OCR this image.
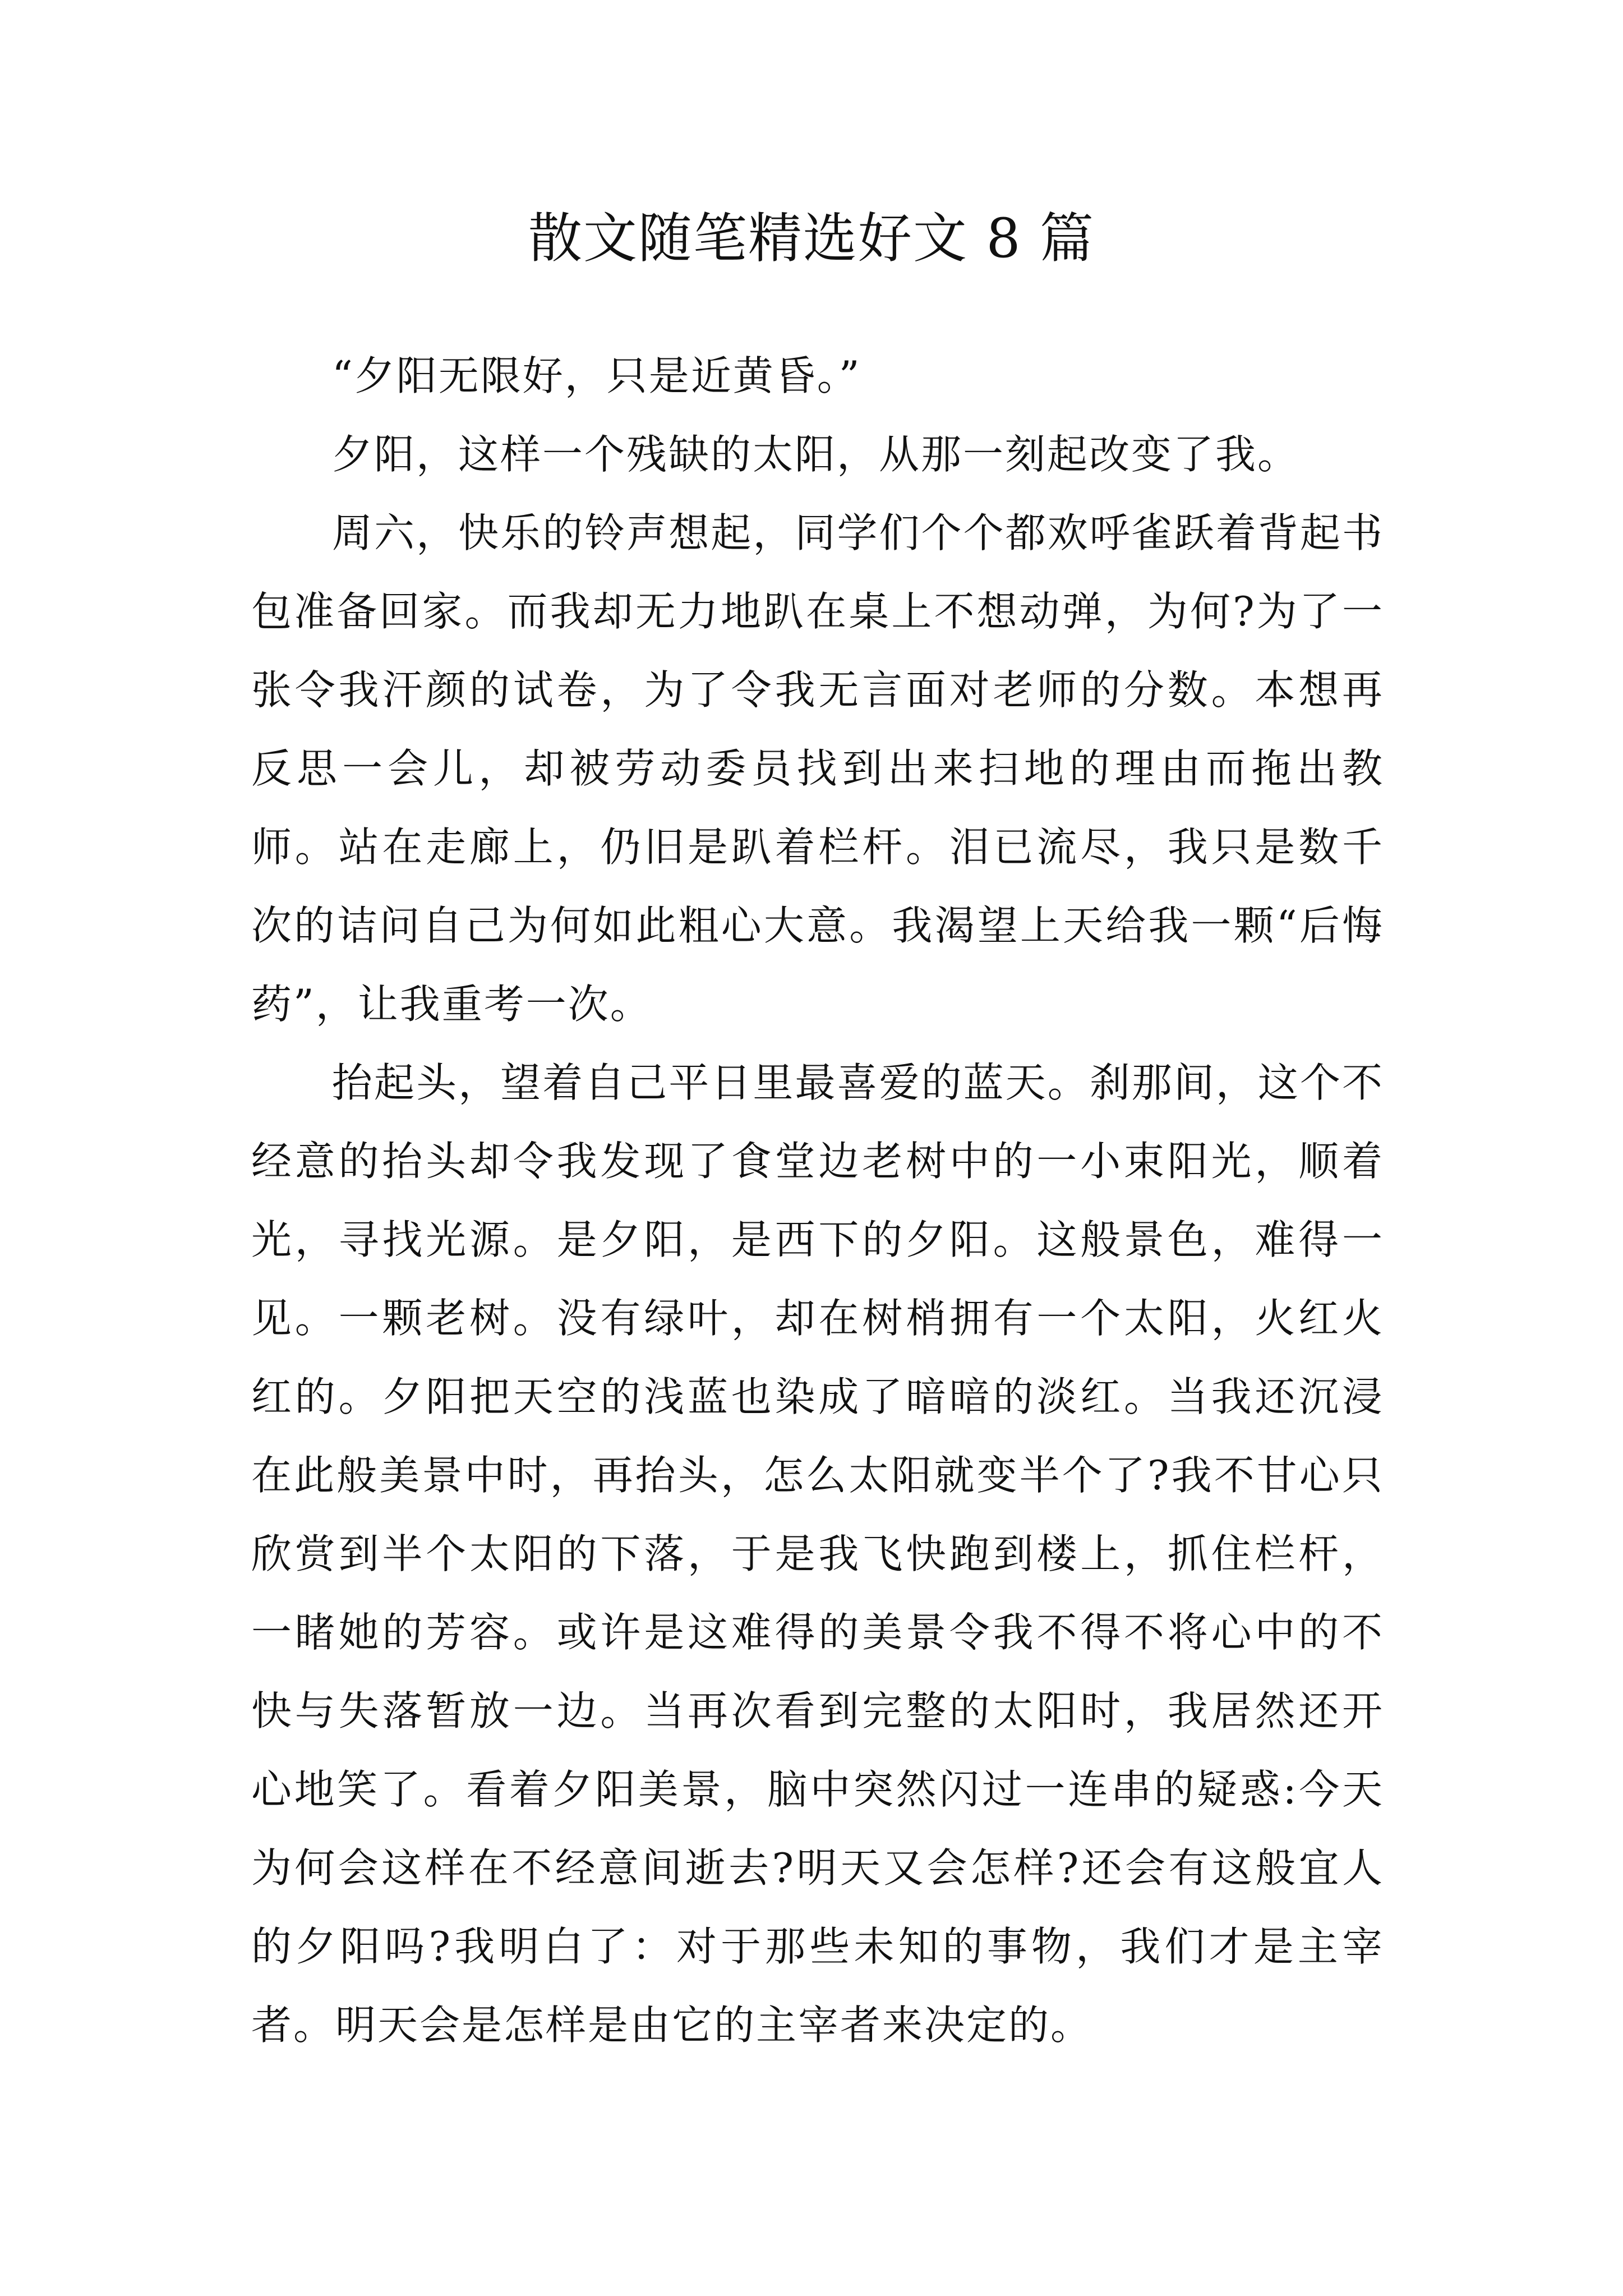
散文随笔精选好文 8 篇

“夕阳无限好，只是近黄昏。”

夕阳，这样一个残缺的太阳，从那一刻起改变了我。

周六，快乐的铃声想起，同学们个个都欢呼雀跃着背起书包准备回家。而我却无力地趴在桌上不想动弹，为何?为了一张令我汗颜的试卷，为了令我无言面对老师的分数。本想再反思一会儿，却被劳动委员找到出来扫地的理由而拖出教师。站在走廊上，仍旧是趴着栏杆。泪已流尽，我只是数千次的诘问自己为何如此粗心大意。我渴望上天给我一颗“后悔药”，让我重考一次。

抬起头，望着自己平日里最喜爱的蓝天。刹那间，这个不经意的抬头却令我发现了食堂边老树中的一小束阳光，顺着光，寻找光源。是夕阳，是西下的夕阳。这般景色，难得一见。一颗老树。没有绿叶，却在树梢拥有一个太阳，火红火红的。夕阳把天空的浅蓝也染成了暗暗的淡红。当我还沉浸在此般美景中时，再抬头，怎么太阳就变半个了?我不甘心只欣赏到半个太阳的下落，于是我飞快跑到楼上，抓住栏杆，一睹她的芳容。或许是这难得的美景令我不得不将心中的不快与失落暂放一边。当再次看到完整的太阳时，我居然还开心地笑了。看着夕阳美景，脑中突然闪过一连串的疑惑:今天为何会这样在不经意间逝去?明天又会怎样?还会有这般宜人的夕阳吗?我明白了：对于那些未知的事物，我们才是主宰者。明天会是怎样是由它的主宰者来决定的。
